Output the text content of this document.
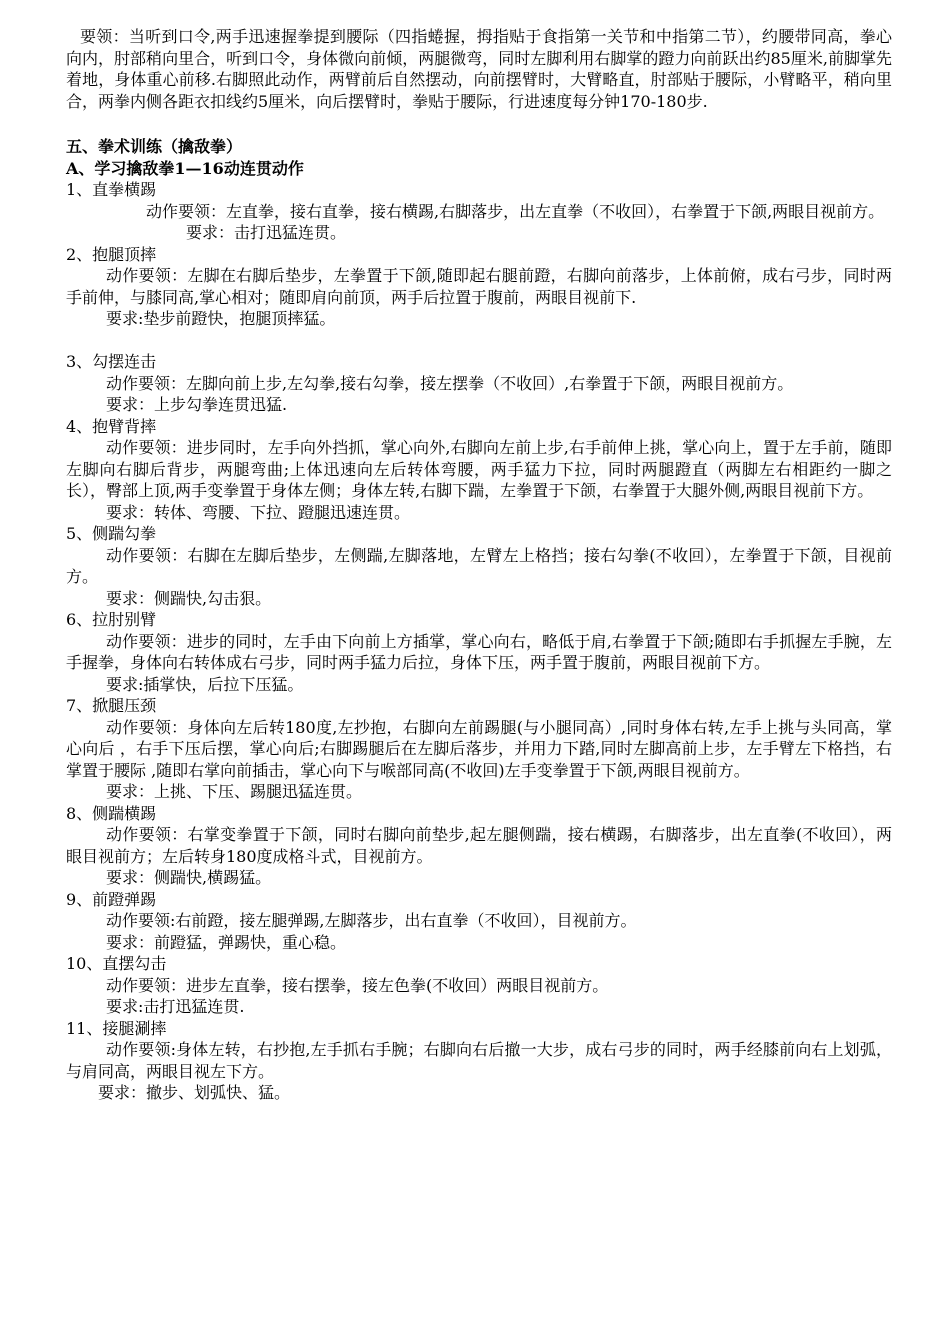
要领：当听到口令,两手迅速握拳提到腰际（四指蜷握，拇指贴于食指第一关节和中指第二节），约腰带同高，拳心向内，肘部稍向里合，听到口令，身体微向前倾，两腿微弯，同时左脚利用右脚掌的蹬力向前跃出约85厘米,前脚掌先着地，身体重心前移.右脚照此动作，两臂前后自然摆动，向前摆臂时，大臂略直，肘部贴于腰际，小臂略平，稍向里合，两拳内侧各距衣扣线约5厘米，向后摆臂时，拳贴于腰际，行进速度每分钟170-180步.

五、拳术训练（擒敌拳）

A、学习擒敌拳1—16动连贯动作

1、直拳横踢

动作要领：左直拳，接右直拳，接右横踢,右脚落步，出左直拳（不收回），右拳置于下颌,两眼目视前方。

要求：击打迅猛连贯。

2、抱腿顶摔

动作要领：左脚在右脚后垫步，左拳置于下颌,随即起右腿前蹬，右脚向前落步，上体前俯，成右弓步，同时两手前伸，与膝同高,掌心相对；随即肩向前顶，两手后拉置于腹前，两眼目视前下.

要求:垫步前蹬快，抱腿顶摔猛。

3、勾摆连击

动作要领：左脚向前上步,左勾拳,接右勾拳，接左摆拳（不收回）,右拳置于下颌，两眼目视前方。

要求：上步勾拳连贯迅猛.

4、抱臂背摔

动作要领：进步同时，左手向外挡抓，掌心向外,右脚向左前上步,右手前伸上挑，掌心向上，置于左手前，随即左脚向右脚后背步，两腿弯曲;上体迅速向左后转体弯腰，两手猛力下拉，同时两腿蹬直（两脚左右相距约一脚之长），臀部上顶,两手变拳置于身体左侧；身体左转,右脚下踹，左拳置于下颌，右拳置于大腿外侧,两眼目视前下方。

要求：转体、弯腰、下拉、蹬腿迅速连贯。

5、侧踹勾拳

动作要领：右脚在左脚后垫步，左侧踹,左脚落地，左臂左上格挡；接右勾拳(不收回），左拳置于下颌，目视前方。

要求：侧踹快,勾击狠。

6、拉肘别臂

动作要领：进步的同时，左手由下向前上方插掌，掌心向右，略低于肩,右拳置于下颌;随即右手抓握左手腕，左手握拳，身体向右转体成右弓步，同时两手猛力后拉，身体下压，两手置于腹前，两眼目视前下方。

要求:插掌快，后拉下压猛。

7、掀腿压颈

动作要领：身体向左后转180度,左抄抱，右脚向左前踢腿(与小腿同高）,同时身体右转,左手上挑与头同高，掌心向后 ，右手下压后摆，掌心向后;右脚踢腿后在左脚后落步，并用力下踏,同时左脚高前上步，左手臂左下格挡，右掌置于腰际 ,随即右掌向前插击，掌心向下与喉部同高(不收回)左手变拳置于下颌,两眼目视前方。

要求：上挑、下压、踢腿迅猛连贯。

8、侧踹横踢

动作要领：右掌变拳置于下颌，同时右脚向前垫步,起左腿侧踹，接右横踢，右脚落步，出左直拳(不收回），两眼目视前方；左后转身180度成格斗式，目视前方。

要求：侧踹快,横踢猛。

9、前蹬弹踢

动作要领:右前蹬，接左腿弹踢,左脚落步，出右直拳（不收回），目视前方。

要求：前蹬猛，弹踢快，重心稳。

10、直摆勾击

动作要领：进步左直拳，接右摆拳，接左色拳(不收回）两眼目视前方。

要求:击打迅猛连贯.

11、接腿涮摔

动作要领:身体左转，右抄抱,左手抓右手腕；右脚向右后撤一大步，成右弓步的同时，两手经膝前向右上划弧，与肩同高，两眼目视左下方。

要求：撤步、划弧快、猛。
